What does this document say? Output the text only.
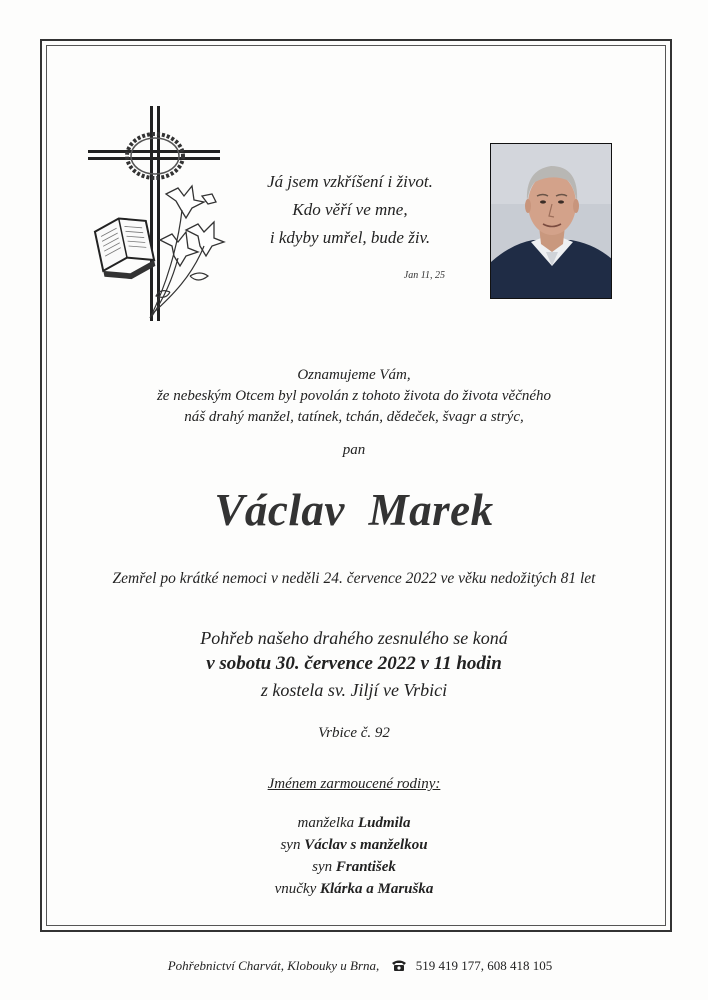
Já jsem vzkříšení i život.
Kdo věří ve mne,
i kdyby umřel, bude živ.
Jan 11, 25
Oznamujeme Vám,
že nebeským Otcem byl povolán z tohoto života do života věčného
náš drahý manžel, tatínek, tchán, dědeček, švagr a strýc,
pan
Václav Marek
Zemřel po krátké nemoci v neděli 24. července 2022 ve věku nedožitých 81 let
Pohřeb našeho drahého zesnulého se koná
v sobotu 30. července 2022 v 11 hodin
z kostela sv. Jiljí ve Vrbici
Vrbice č. 92
Jménem zarmoucené rodiny:
manželka Ludmila
syn Václav s manželkou
syn František
vnučky Klárka a Maruška
Pohřebnictví Charvát, Klobouky u Brna,	519 419 177, 608 418 105
